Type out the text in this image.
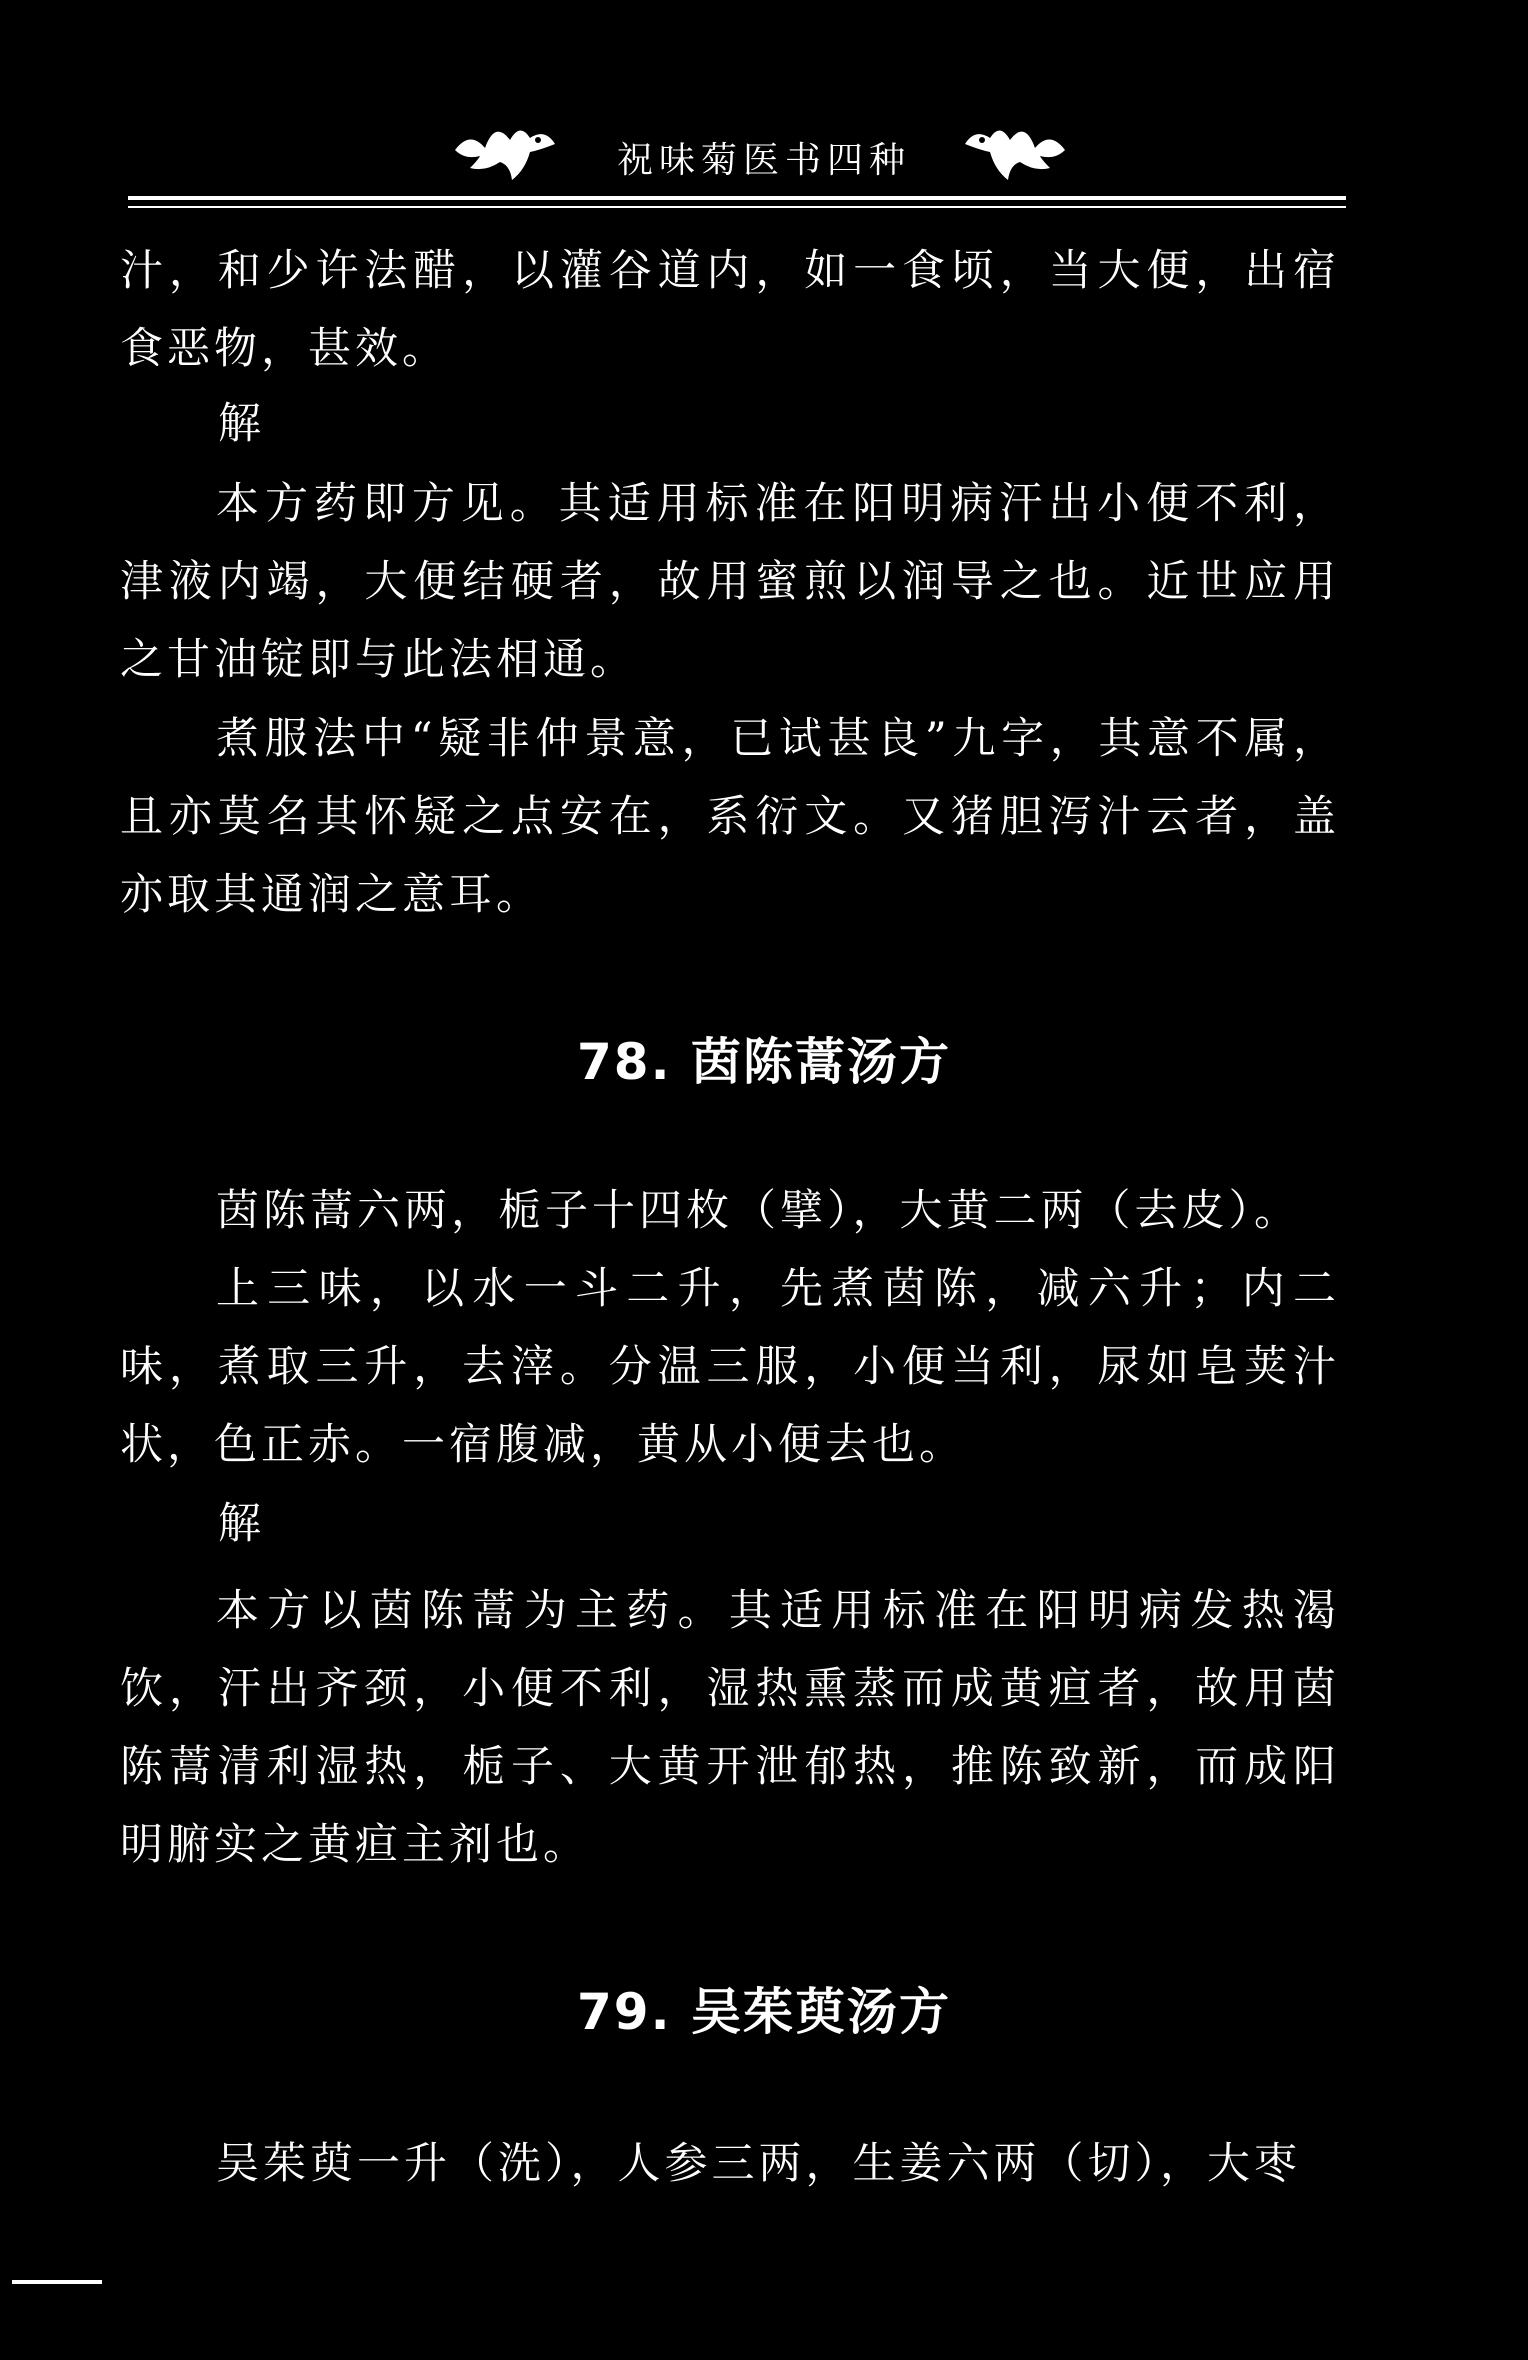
祝味菊医书四种

汁，和少许法醋，以灌谷道内，如一食顷，当大便，出宿食恶物，甚效。

解

本方药即方见。其适用标准在阳明病汗出小便不利，津液内竭，大便结硬者，故用蜜煎以润导之也。近世应用之甘油锭即与此法相通。

煮服法中“疑非仲景意，已试甚良”九字，其意不属，且亦莫名其怀疑之点安在，系衍文。又猪胆泻汁云者，盖亦取其通润之意耳。

78. 茵陈蒿汤方

茵陈蒿六两，栀子十四枚（擘），大黄二两（去皮）。

上三味，以水一斗二升，先煮茵陈，减六升；内二味，煮取三升，去滓。分温三服，小便当利，尿如皂荚汁状，色正赤。一宿腹减，黄从小便去也。

解

本方以茵陈蒿为主药。其适用标准在阳明病发热渴饮，汗出齐颈，小便不利，湿热熏蒸而成黄疸者，故用茵陈蒿清利湿热，栀子、大黄开泄郁热，推陈致新，而成阳明腑实之黄疸主剂也。

79. 吴茱萸汤方

吴茱萸一升（洗），人参三两，生姜六两（切），大枣
